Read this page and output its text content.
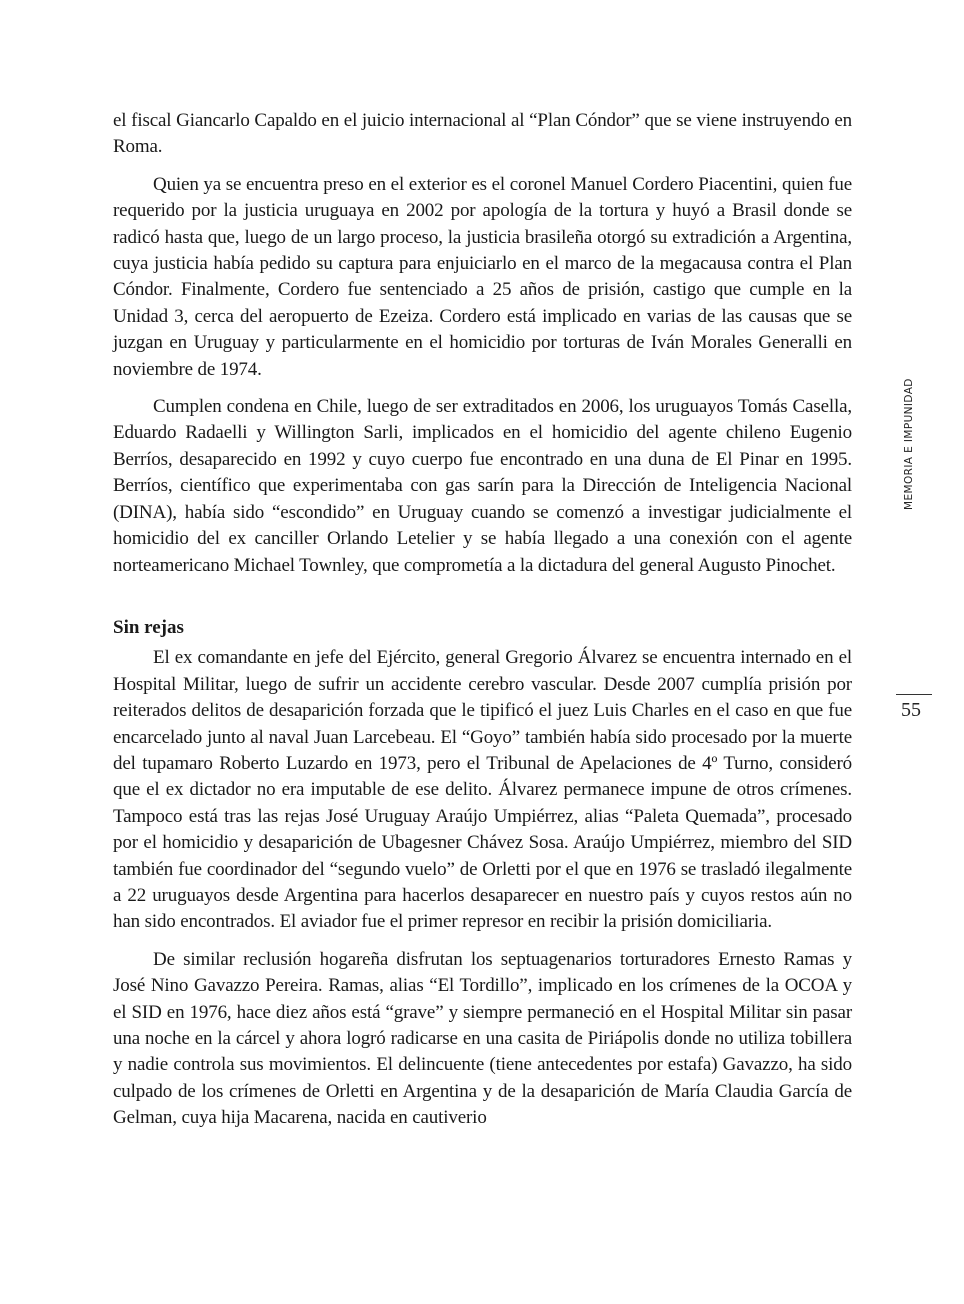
el fiscal Giancarlo Capaldo en el juicio internacional al “Plan Cóndor” que se viene instruyendo en Roma.

Quien ya se encuentra preso en el exterior es el coronel Manuel Cordero Piacentini, quien fue requerido por la justicia uruguaya en 2002 por apología de la tortura y huyó a Brasil donde se radicó hasta que, luego de un largo proceso, la justicia brasileña otorgó su extradición a Argentina, cuya justicia había pedido su captura para enjuiciarlo en el marco de la megacausa contra el Plan Cóndor. Finalmente, Cordero fue sentenciado a 25 años de prisión, castigo que cumple en la Unidad 3, cerca del aeropuerto de Ezeiza. Cordero está implicado en varias de las causas que se juzgan en Uruguay y particularmente en el homicidio por torturas de Iván Morales Generalli en noviembre de 1974.

Cumplen condena en Chile, luego de ser extraditados en 2006, los uruguayos Tomás Casella, Eduardo Radaelli y Willington Sarli, implicados en el homicidio del agente chileno Eugenio Berríos, desaparecido en 1992 y cuyo cuerpo fue encontrado en una duna de El Pinar en 1995. Berríos, científico que experimentaba con gas sarín para la Dirección de Inteligencia Nacional (DINA), había sido “escondido” en Uruguay cuando se comenzó a investigar judicialmente el homicidio del ex canciller Orlando Letelier y se había llegado a una conexión con el agente norteamericano Michael Townley, que comprometía a la dictadura del general Augusto Pinochet.

Sin rejas

El ex comandante en jefe del Ejército, general Gregorio Álvarez se encuentra internado en el Hospital Militar, luego de sufrir un accidente cerebro vascular. Desde 2007 cumplía prisión por reiterados delitos de desaparición forzada que le tipificó el juez Luis Charles en el caso en que fue encarcelado junto al naval Juan Larcebeau. El “Goyo” también había sido procesado por la muerte del tupamaro Roberto Luzardo en 1973, pero el Tribunal de Apelaciones de 4º Turno, consideró que el ex dictador no era imputable de ese delito. Álvarez permanece impune de otros crímenes. Tampoco está tras las rejas José Uruguay Araújo Umpiérrez, alias “Paleta Quemada”, procesado por el homicidio y desaparición de Ubagesner Chávez Sosa. Araújo Umpiérrez, miembro del SID también fue coordinador del “segundo vuelo” de Orletti por el que en 1976 se trasladó ilegalmente a 22 uruguayos desde Argentina para hacerlos desaparecer en nuestro país y cuyos restos aún no han sido encontrados. El aviador fue el primer represor en recibir la prisión domiciliaria.

De similar reclusión hogareña disfrutan los septuagenarios torturadores Ernesto Ramas y José Nino Gavazzo Pereira. Ramas, alias “El Tordillo”, implicado en los crímenes de la OCOA y el SID en 1976, hace diez años está “grave” y siempre permaneció en el Hospital Militar sin pasar una noche en la cárcel y ahora logró radicarse en una casita de Piriápolis donde no utiliza tobillera y nadie controla sus movimientos. El delincuente (tiene antecedentes por estafa) Gavazzo, ha sido culpado de los crímenes de Orletti en Argentina y de la desaparición de María Claudia García de Gelman, cuya hija Macarena, nacida en cautiverio

MEMORIA E IMPUNIDAD
55
